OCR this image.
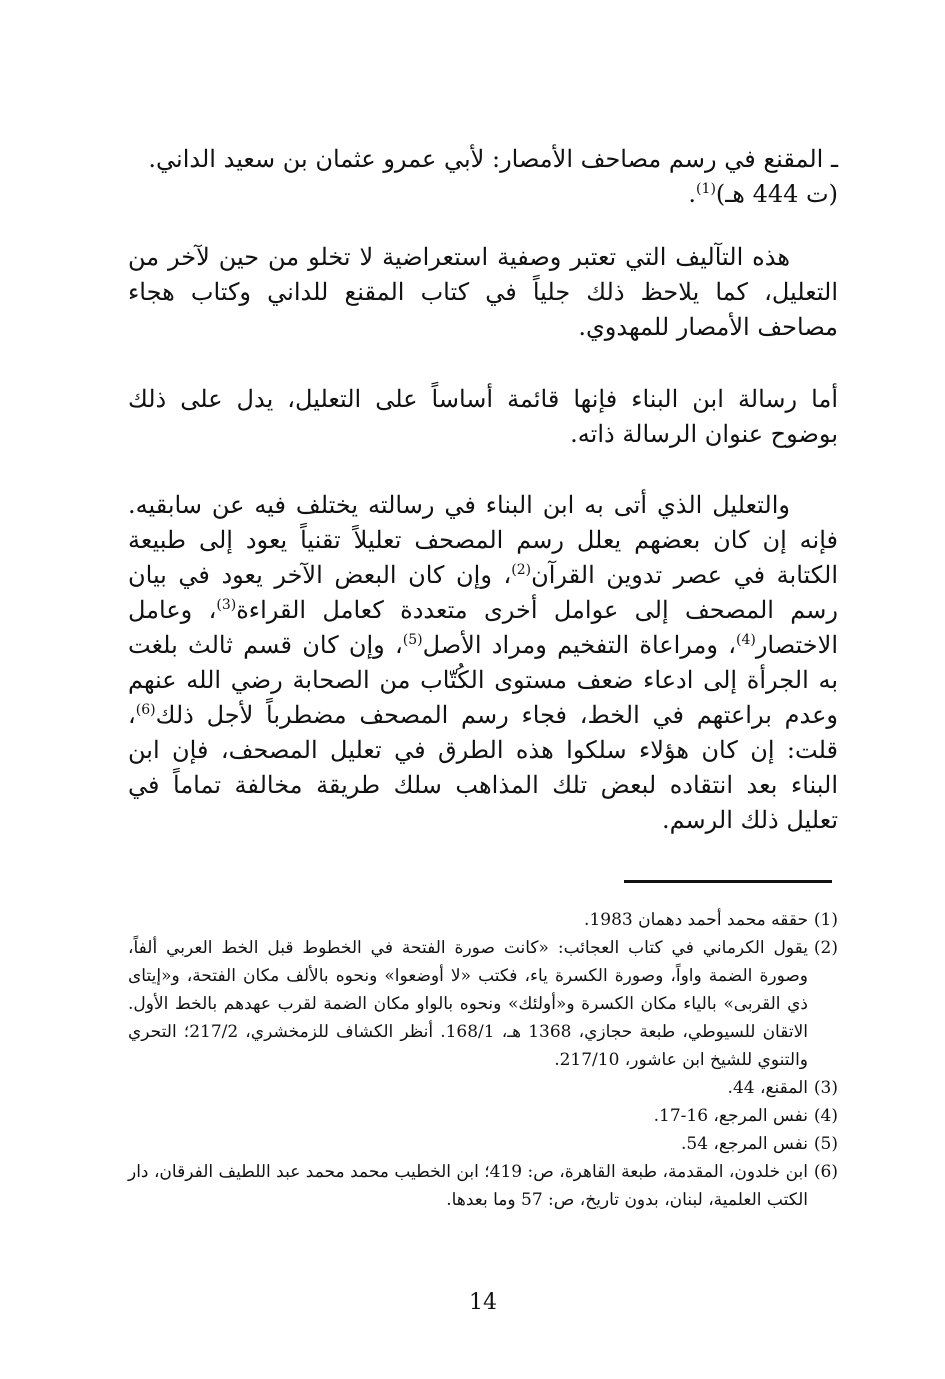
ـ المقنع في رسم مصاحف الأمصار: لأبي عمرو عثمان بن سعيد الداني.
(ت 444 هـ)$^{(1)}$.

هذه التآليف التي تعتبر وصفية استعراضية لا تخلو من حين لآخر من التعليل، كما يلاحظ ذلك جلياً في كتاب المقنع للداني وكتاب هجاء مصاحف الأمصار للمهدوي.

أما رسالة ابن البناء فإنها قائمة أساساً على التعليل، يدل على ذلك بوضوح عنوان الرسالة ذاته.

والتعليل الذي أتى به ابن البناء في رسالته يختلف فيه عن سابقيه. فإنه إن كان بعضهم يعلل رسم المصحف تعليلاً تقنياً يعود إلى طبيعة الكتابة في عصر تدوين القرآن$^{(2)}$، وإن كان البعض الآخر يعود في بيان رسم المصحف إلى عوامل أخرى متعددة كعامل القراءة$^{(3)}$، وعامل الاختصار$^{(4)}$، ومراعاة التفخيم ومراد الأصل$^{(5)}$، وإن كان قسم ثالث بلغت به الجرأة إلى ادعاء ضعف مستوى الكُتّاب من الصحابة رضي الله عنهم وعدم براعتهم في الخط، فجاء رسم المصحف مضطرباً لأجل ذلك$^{(6)}$، قلت: إن كان هؤلاء سلكوا هذه الطرق في تعليل المصحف، فإن ابن البناء بعد انتقاده لبعض تلك المذاهب سلك طريقة مخالفة تماماً في تعليل ذلك الرسم.

(1)
حققه محمد أحمد دهمان 1983.
(2)
يقول الكرماني في كتاب العجائب: «كانت صورة الفتحة في الخطوط قبل الخط العربي ألفاً، وصورة الضمة واواً، وصورة الكسرة ياء، فكتب «لا أوضعوا» ونحوه بالألف مكان الفتحة، و«إيتاى ذي القربى» بالياء مكان الكسرة و«أولئك» ونحوه بالواو مكان الضمة لقرب عهدهم بالخط الأول. الاتقان للسيوطي، طبعة حجازي، 1368 هـ، 168/1. أنظر الكشاف للزمخشري، 217/2؛ التحري والتنوي للشيخ ابن عاشور، 217/10.
(3)
المقنع، 44.
(4)
نفس المرجع، 16-17.
(5)
نفس المرجع، 54.
(6)
ابن خلدون، المقدمة، طبعة القاهرة، ص: 419؛ ابن الخطيب محمد محمد عبد اللطيف الفرقان، دار الكتب العلمية، لبنان، بدون تاريخ، ص: 57 وما بعدها.
14
